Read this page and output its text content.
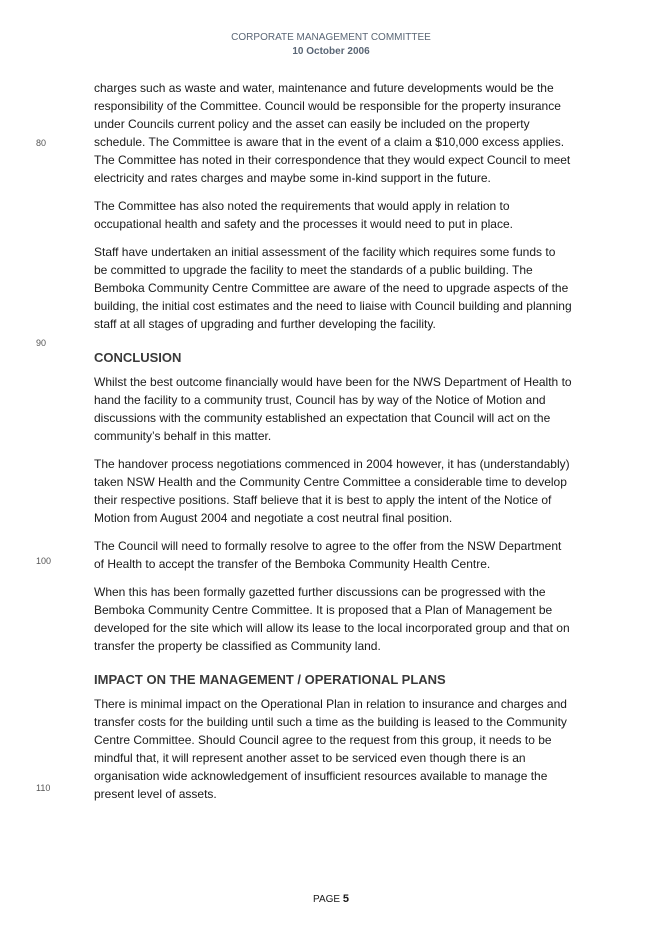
CORPORATE MANAGEMENT COMMITTEE
10 October 2006
80
90
100
110

charges such as waste and water, maintenance and future developments would be the responsibility of the Committee. Council would be responsible for the property insurance under Councils current policy and the asset can easily be included on the property schedule. The Committee is aware that in the event of a claim a $10,000 excess applies. The Committee has noted in their correspondence that they would expect Council to meet electricity and rates charges and maybe some in-kind support in the future.

The Committee has also noted the requirements that would apply in relation to occupational health and safety and the processes it would need to put in place.

Staff have undertaken an initial assessment of the facility which requires some funds to be committed to upgrade the facility to meet the standards of a public building. The Bemboka Community Centre Committee are aware of the need to upgrade aspects of the building, the initial cost estimates and the need to liaise with Council building and planning staff at all stages of upgrading and further developing the facility.

CONCLUSION

Whilst the best outcome financially would have been for the NWS Department of Health to hand the facility to a community trust, Council has by way of the Notice of Motion and discussions with the community established an expectation that Council will act on the community’s behalf in this matter.

The handover process negotiations commenced in 2004 however, it has (understandably) taken NSW Health and the Community Centre Committee a considerable time to develop their respective positions. Staff believe that it is best to apply the intent of the Notice of Motion from August 2004 and negotiate a cost neutral final position.

The Council will need to formally resolve to agree to the offer from the NSW Department of Health to accept the transfer of the Bemboka Community Health Centre.

When this has been formally gazetted further discussions can be progressed with the Bemboka Community Centre Committee. It is proposed that a Plan of Management be developed for the site which will allow its lease to the local incorporated group and that on transfer the property be classified as Community land.

IMPACT ON THE MANAGEMENT / OPERATIONAL PLANS

There is minimal impact on the Operational Plan in relation to insurance and charges and transfer costs for the building until such a time as the building is leased to the Community Centre Committee. Should Council agree to the request from this group, it needs to be mindful that, it will represent another asset to be serviced even though there is an organisation wide acknowledgement of insufficient resources available to manage the present level of assets.

PAGE 5
